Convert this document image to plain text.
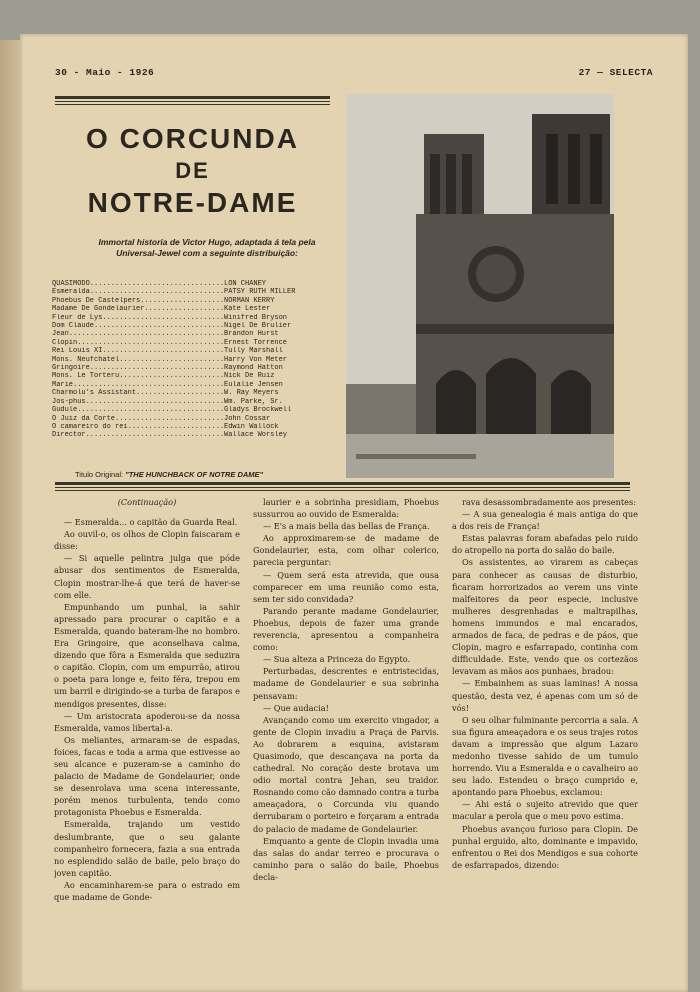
30 - Maio - 1926	27 — SELECTA
O CORCUNDA
DE
NOTRE-DAME
Immortal historia de Victor Hugo, adaptada á tela pela Universal-Jewel com a seguinte distribuição:
QUASIMODO .....	LON CHANEY
Esmeralda .....	PATSY RUTH MILLER
Phoebus De Castelpers .....	NORMAN KERRY
Madame De Gondelaurier .....	Kate Lester
Fleur de Lys .....	Winifred Bryson
Dom Claude .....	Nigel De Brulier
Jean .....	Brandon Hurst
Clopin .....	Ernest Torrence
Rei Louis XI .....	Tully Marshall
Mons. Neufchatel .....	Harry Von Meter
Gringoire .....	Raymond Hatton
Mons. Le Torteru .....	Nick De Ruiz
Marie .....	Eulalie Jensen
Charmolu's Assistant .....	W. Ray Meyers
Jos-phus .....	Wm. Parke, Sr.
Gudule .....	Gladys Brockwell
O Juiz da Corte .....	John Cossar
O camareiro do rei .....	Edwin Wallock
Director .....	Wallace Worsley
Titulo Original: "THE HUNCHBACK OF NOTRE DAME"

(Continuação)

— Esmeralda... o capitão da Guarda Real.

Ao ouvil-o, os olhos de Clopin faiscaram e disse:

— Si aquelle pelintra julga que póde abusar dos sentimentos de Esmeralda, Clopin mostrar-lhe-á que terá de haver-se com elle.

Empunhando um punhal, ia sahir apressado para procurar o capitão e a Esmeralda, quando bateram-lhe no hombro. Era Gringoire, que aconselhava calma, dizendo que fôra a Esmeralda que seduzira o capitão. Clopin, com um empurrão, atirou o poeta para longe e, feito féra, trepou em um barril e dirigindo-se a turba de farapos e mendigos presentes, disse:

— Um aristocrata apoderou-se da nossa Esmeralda, vamos libertal-a.

Os meliantes, armaram-se de espadas, foices, facas e toda a arma que estivesse ao seu alcance e puzeram-se a caminho do palacio de Madame de Gondelaurier, onde se desenrolava uma scena interessante, porém menos turbulenta, tendo como protagonista Phoebus e Esmeralda.

Esmeralda, trajando um vestido deslumbrante, que o seu galante companheiro fornecera, fazia a sua entrada no esplendido salão de baile, pelo braço do joven capitão.

Ao encaminharem-se para o estrado em que madame de Gonde-

laurier e a sobrinha presidiam, Phoebus sussurrou ao ouvido de Esmeralda:

— E's a mais bella das bellas de França.

Ao approximarem-se de madame de Gondelaurier, esta, com olhar colerico, parecia perguntar:

— Quem será esta atrevida, que ousa comparecer em uma reunião como esta, sem ter sido convidada?

Parando perante madame Gondelaurier, Phoebus, depois de fazer uma grande reverencia, apresentou a companheira como:

— Sua alteza a Princeza do Egypto.

Perturbadas, descrentes e entristecidas, madame de Gondelaurier e sua sobrinha pensavam:

— Que audacia!

Avançando como um exercito vingador, a gente de Clopin invadiu a Praça de Parvis. Ao dobrarem a esquina, avistaram Quasimodo, que descançava na porta da cathedral. No coração deste brotava um odio mortal contra Jehan, seu traidor. Rosnando como cão damnado contra a turba ameaçadora, o Corcunda viu quando derrubaram o porteiro e forçaram a entrada do palacio de madame de Gondelaurier.

Emquanto a gente de Clopin invadia uma das salas do andar terreo e procurava o caminho para o salão do baile, Phoebus decla-

rava desassombradamente aos presentes:

— A sua genealogia é mais antiga do que a dos reis de França!

Estas palavras foram abafadas pelo ruido do atropello na porta do salão do baile.

Os assistentes, ao virarem as cabeças para conhecer as causas de disturbio, ficaram horrorizados ao verem uns vinte malfeitores da peor especie, inclusive mulheres desgrenhadas e maltrapilhas, homens immundos e mal encarados, armados de faca, de pedras e de páos, que Clopin, magro e esfarrapado, continha com difficuldade. Este, vendo que os cortezãos levavam as mãos aos punhaes, bradou:

— Embainhem as suas laminas! A nossa questão, desta vez, é apenas com um só de vós!

O seu olhar fulminante percorria a sala. A sua figura ameaçadora e os seus trajes rotos davam a impressão que algum Lazaro medonho tivesse sahido de um tumulo horrendo. Viu a Esmeralda e o cavalheiro ao seu lado. Estendeu o braço cumprido e, apontando para Phoebus, exclamou:

— Ahi está o sujeito atrevido que quer macular a perola que o meu povo estima.

Phoebus avançou furioso para Clopin. De punhal erguido, alto, dominante e impavido, enfrentou o Rei dos Mendigos e sua cohorte de esfarrapados, dizendo:
